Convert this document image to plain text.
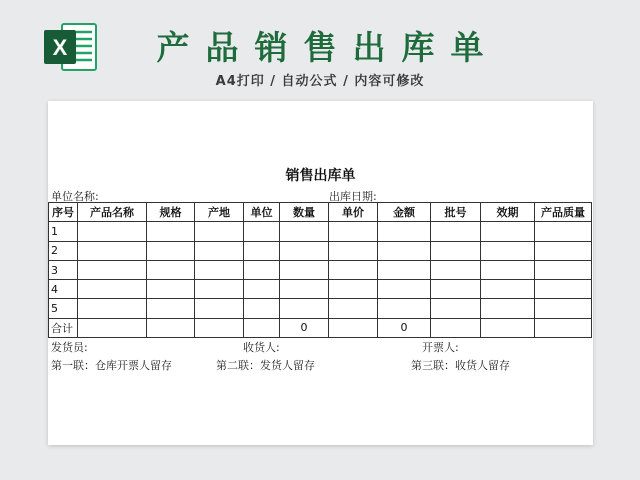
X	产品销售出库单
A4打印 / 自动公式 / 内容可修改
销售出库单
单位名称:	出库日期:
序号	产品名称	规格	产地	单位	数量	单价	金额	批号	效期	产品质量
1										
2										
3										
4										
5										
合计					0		0			
发货员:	收货人:	开票人:
第一联：仓库开票人留存	第二联：发货人留存	第三联：收货人留存
